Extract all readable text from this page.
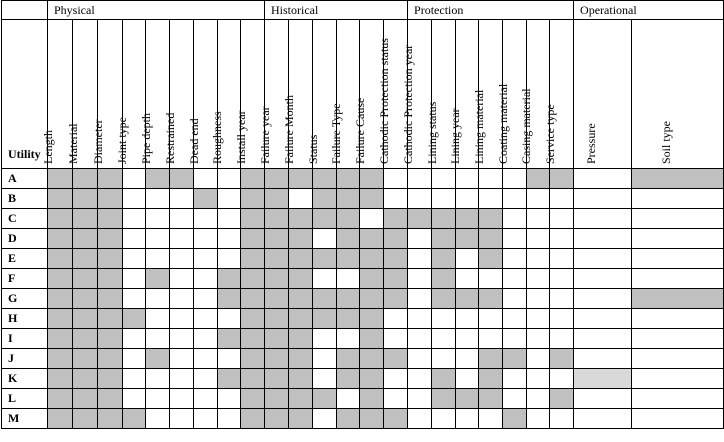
	Physical									Historical						Protection							Operational	
Utility	Length	Material	Diameter	Joint type	Pipe depth	Restrained	Dead end	Roughness	Install year	Failure year	Failure Month	Status	Failure Type	Failure Cause	Cathodic Protection status	Cathodic Protection year	Lining status	Lining year	Lining material	Coating material	Casing material	Service type	Pressure	Soil type	

A																									
B																									
C																									
D																									
E																									
F																									
G																									
H																									
I																									
J																									
K																									
L																									
M																									
